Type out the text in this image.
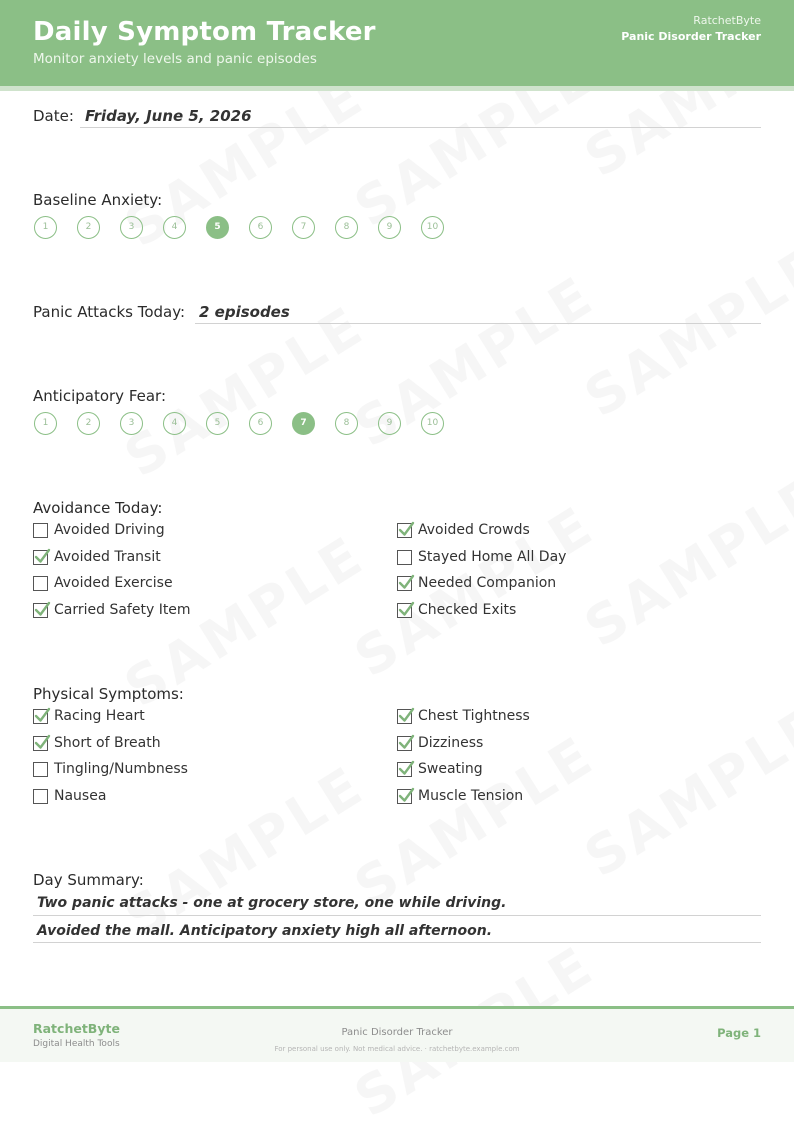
Daily Symptom Tracker
Monitor anxiety levels and panic episodes
RatchetByte
Panic Disorder Tracker
Date: Friday, June 5, 2026
Baseline Anxiety:
1	2	3	4	5	6	7	8	9	10
Panic Attacks Today: 2 episodes
Anticipatory Fear:
1	2	3	4	5	6	7	8	9	10
Avoidance Today:
Avoided Driving
Avoided Transit
Avoided Exercise
Carried Safety Item
Avoided Crowds
Stayed Home All Day
Needed Companion
Checked Exits
Physical Symptoms:
Racing Heart
Short of Breath
Tingling/Numbness
Nausea
Chest Tightness
Dizziness
Sweating
Muscle Tension
Day Summary:
Two panic attacks - one at grocery store, one while driving.
Avoided the mall. Anticipatory anxiety high all afternoon.
RatchetByte
Digital Health Tools
Panic Disorder Tracker
For personal use only. Not medical advice. · ratchetbyte.example.com
Page 1
